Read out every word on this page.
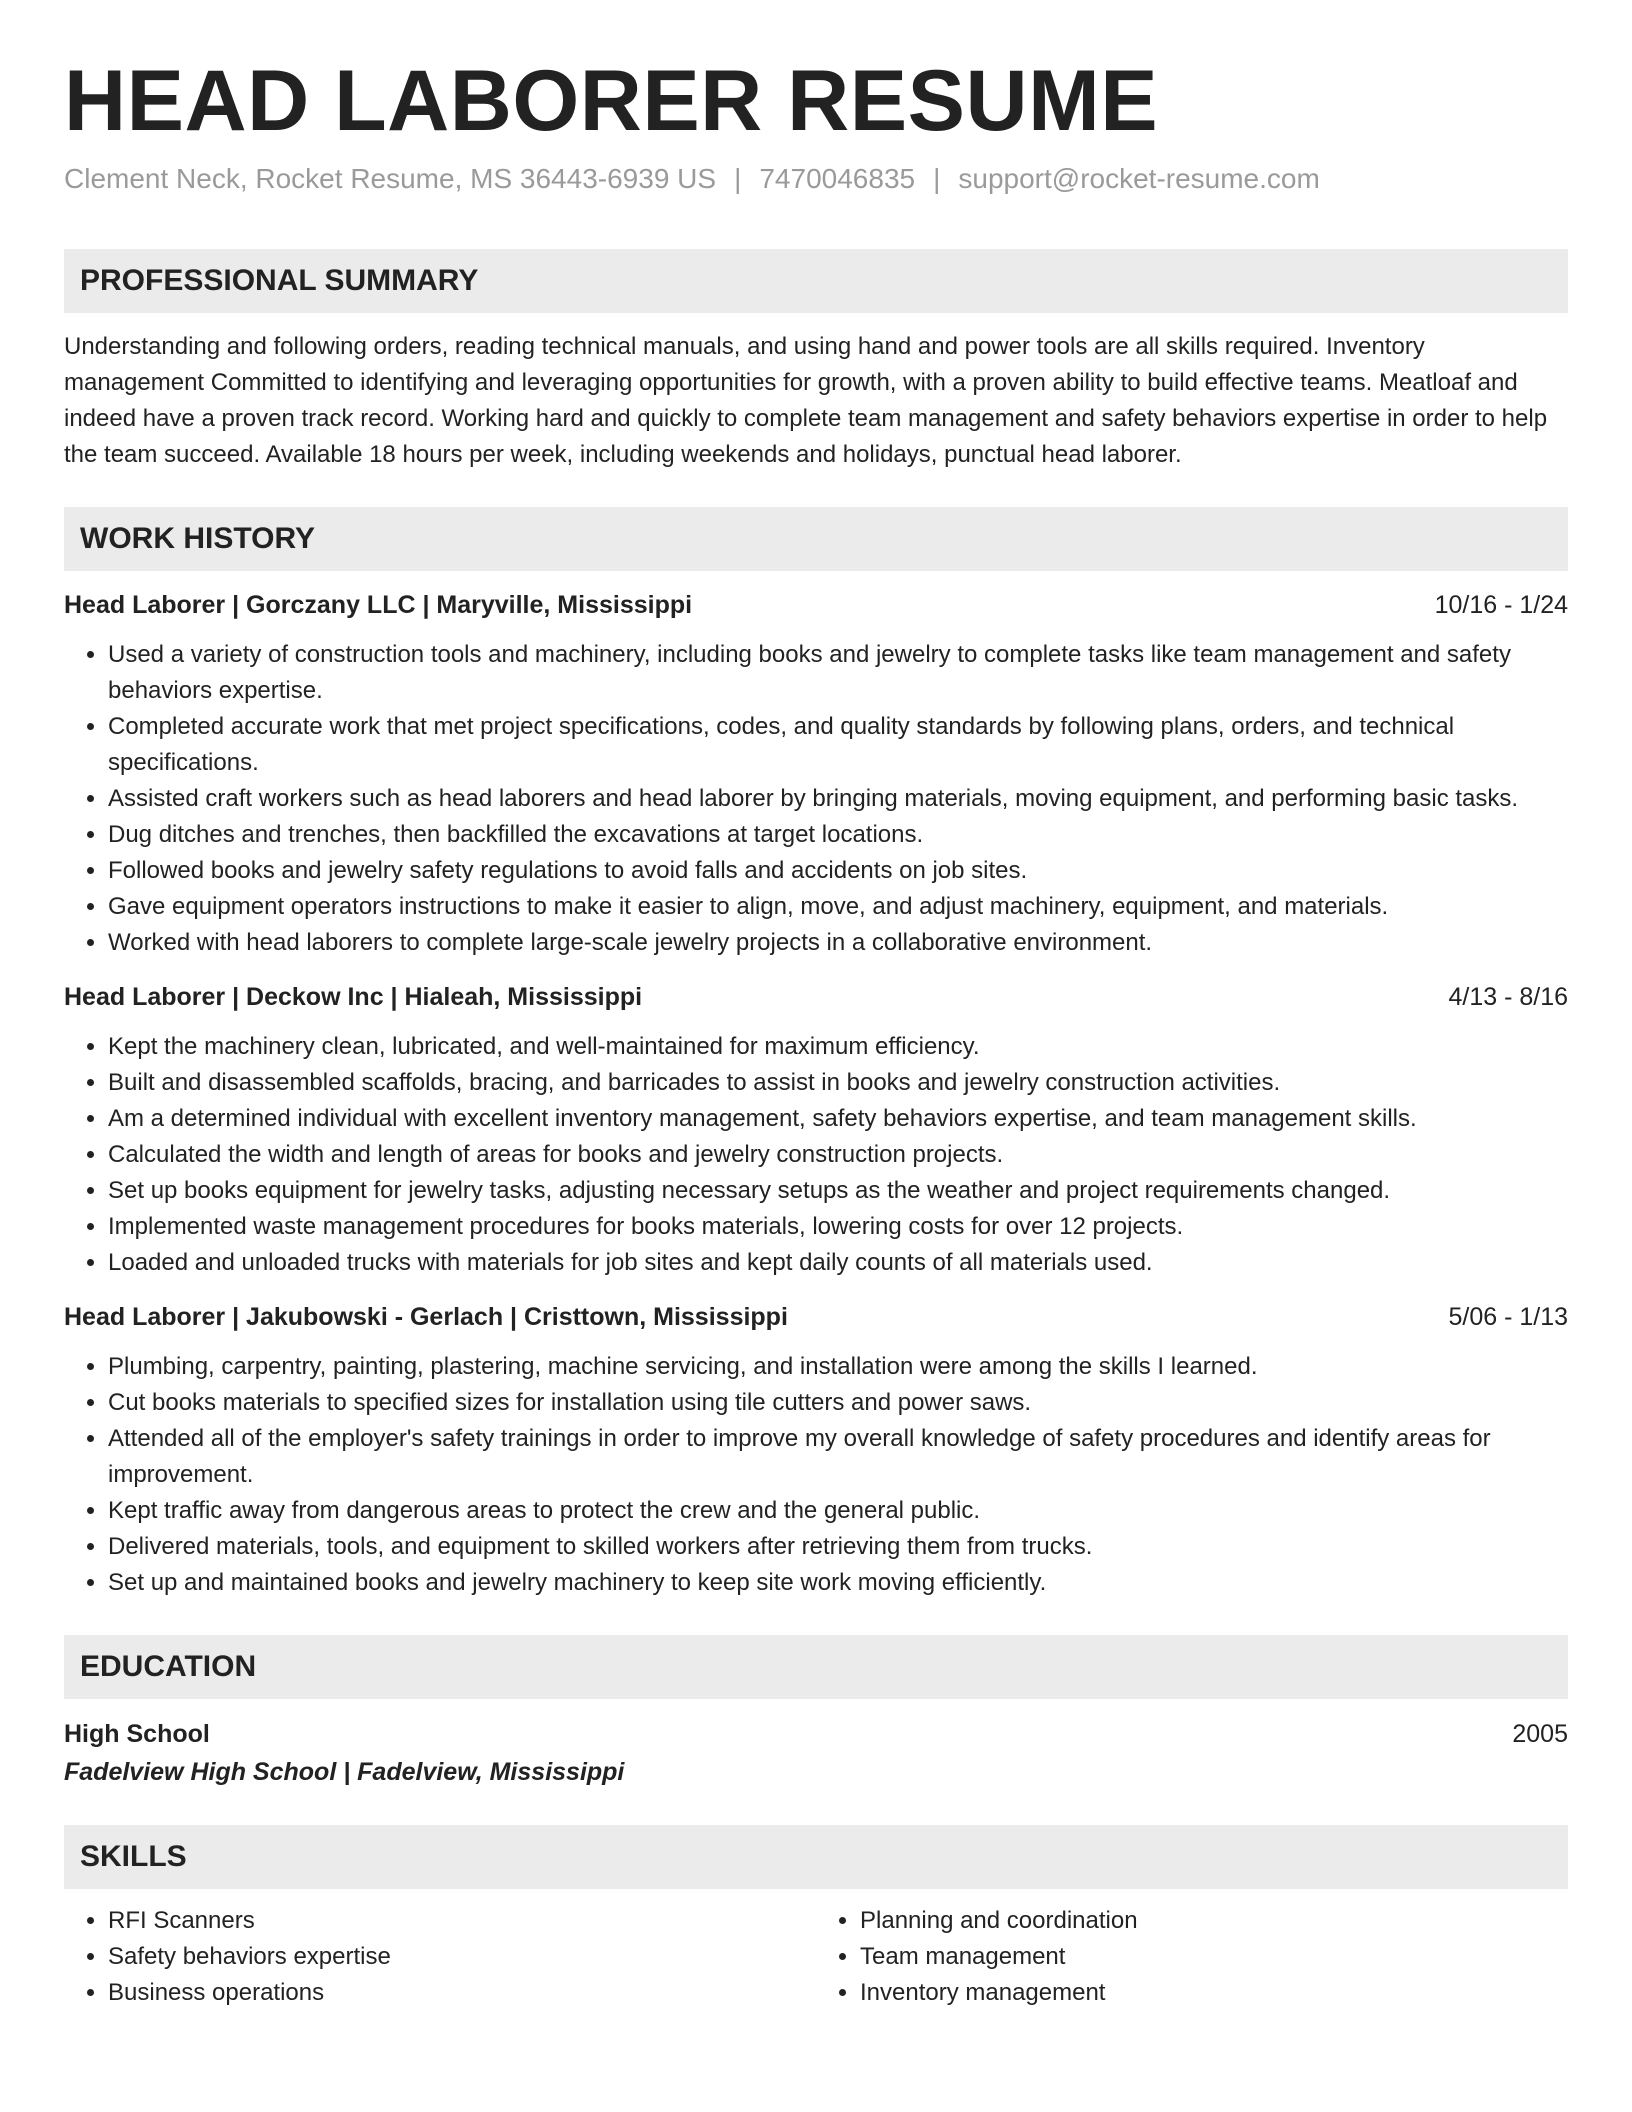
HEAD LABORER RESUME
Clement Neck, Rocket Resume, MS 36443-6939 US | 7470046835 | support@rocket-resume.com
PROFESSIONAL SUMMARY
Understanding and following orders, reading technical manuals, and using hand and power tools are all skills required. Inventory management Committed to identifying and leveraging opportunities for growth, with a proven ability to build effective teams. Meatloaf and indeed have a proven track record. Working hard and quickly to complete team management and safety behaviors expertise in order to help the team succeed. Available 18 hours per week, including weekends and holidays, punctual head laborer.
WORK HISTORY
Head Laborer | Gorczany LLC | Maryville, Mississippi	10/16 - 1/24
• Used a variety of construction tools and machinery, including books and jewelry to complete tasks like team management and safety behaviors expertise.
• Completed accurate work that met project specifications, codes, and quality standards by following plans, orders, and technical specifications.
• Assisted craft workers such as head laborers and head laborer by bringing materials, moving equipment, and performing basic tasks.
• Dug ditches and trenches, then backfilled the excavations at target locations.
• Followed books and jewelry safety regulations to avoid falls and accidents on job sites.
• Gave equipment operators instructions to make it easier to align, move, and adjust machinery, equipment, and materials.
• Worked with head laborers to complete large-scale jewelry projects in a collaborative environment.
Head Laborer | Deckow Inc | Hialeah, Mississippi	4/13 - 8/16
• Kept the machinery clean, lubricated, and well-maintained for maximum efficiency.
• Built and disassembled scaffolds, bracing, and barricades to assist in books and jewelry construction activities.
• Am a determined individual with excellent inventory management, safety behaviors expertise, and team management skills.
• Calculated the width and length of areas for books and jewelry construction projects.
• Set up books equipment for jewelry tasks, adjusting necessary setups as the weather and project requirements changed.
• Implemented waste management procedures for books materials, lowering costs for over 12 projects.
• Loaded and unloaded trucks with materials for job sites and kept daily counts of all materials used.
Head Laborer | Jakubowski - Gerlach | Cristtown, Mississippi	5/06 - 1/13
• Plumbing, carpentry, painting, plastering, machine servicing, and installation were among the skills I learned.
• Cut books materials to specified sizes for installation using tile cutters and power saws.
• Attended all of the employer's safety trainings in order to improve my overall knowledge of safety procedures and identify areas for improvement.
• Kept traffic away from dangerous areas to protect the crew and the general public.
• Delivered materials, tools, and equipment to skilled workers after retrieving them from trucks.
• Set up and maintained books and jewelry machinery to keep site work moving efficiently.
EDUCATION
High School	2005
Fadelview High School | Fadelview, Mississippi
SKILLS
• RFI Scanners
• Safety behaviors expertise
• Business operations
• Planning and coordination
• Team management
• Inventory management
